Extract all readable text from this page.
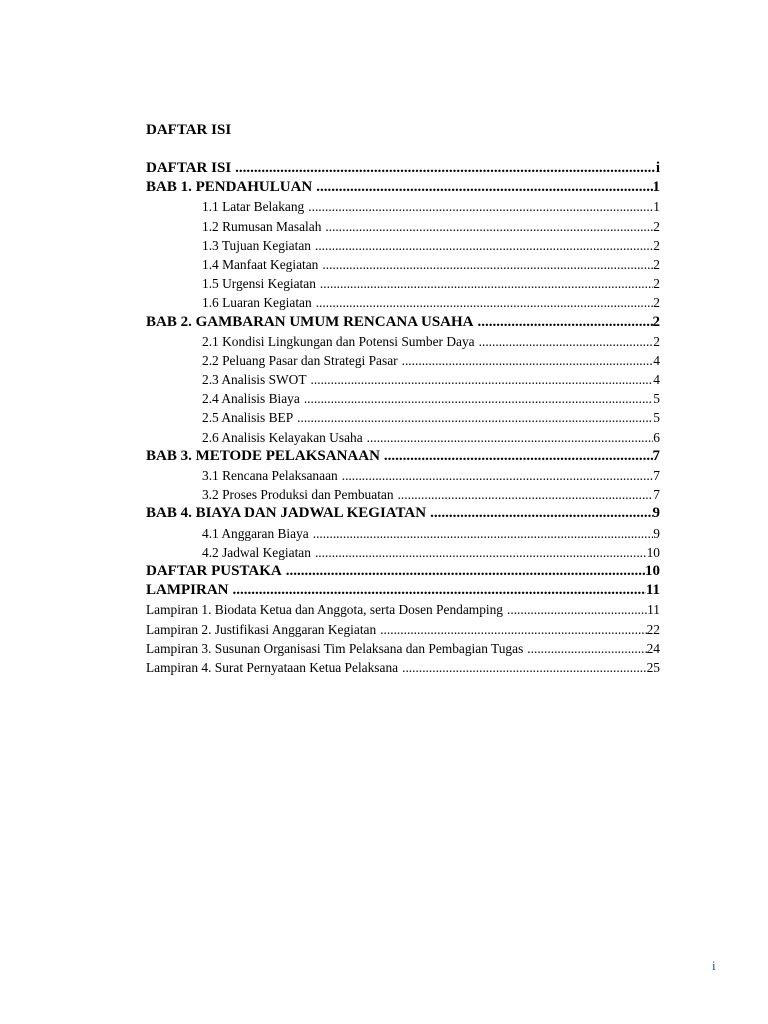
DAFTAR ISI
DAFTAR ISI .....	i
BAB 1. PENDAHULUAN .....	1
1.1 Latar Belakang .....	1
1.2 Rumusan Masalah .....	2
1.3 Tujuan Kegiatan .....	2
1.4 Manfaat Kegiatan .....	2
1.5 Urgensi Kegiatan .....	2
1.6 Luaran Kegiatan .....	2
BAB 2. GAMBARAN UMUM RENCANA USAHA .....	2
2.1 Kondisi Lingkungan dan Potensi Sumber Daya .....	2
2.2 Peluang Pasar dan Strategi Pasar .....	4
2.3 Analisis SWOT .....	4
2.4 Analisis Biaya .....	5
2.5 Analisis BEP .....	5
2.6 Analisis Kelayakan Usaha .....	6
BAB 3. METODE PELAKSANAAN .....	7
3.1 Rencana Pelaksanaan .....	7
3.2 Proses Produksi dan Pembuatan .....	7
BAB 4. BIAYA DAN JADWAL KEGIATAN .....	9
4.1 Anggaran Biaya .....	9
4.2 Jadwal Kegiatan .....	10
DAFTAR PUSTAKA .....	10
LAMPIRAN .....	11
Lampiran 1. Biodata Ketua dan Anggota, serta Dosen Pendamping .....	11
Lampiran 2. Justifikasi Anggaran Kegiatan .....	22
Lampiran 3. Susunan Organisasi Tim Pelaksana dan Pembagian Tugas .....	24
Lampiran 4. Surat Pernyataan Ketua Pelaksana .....	25
i
